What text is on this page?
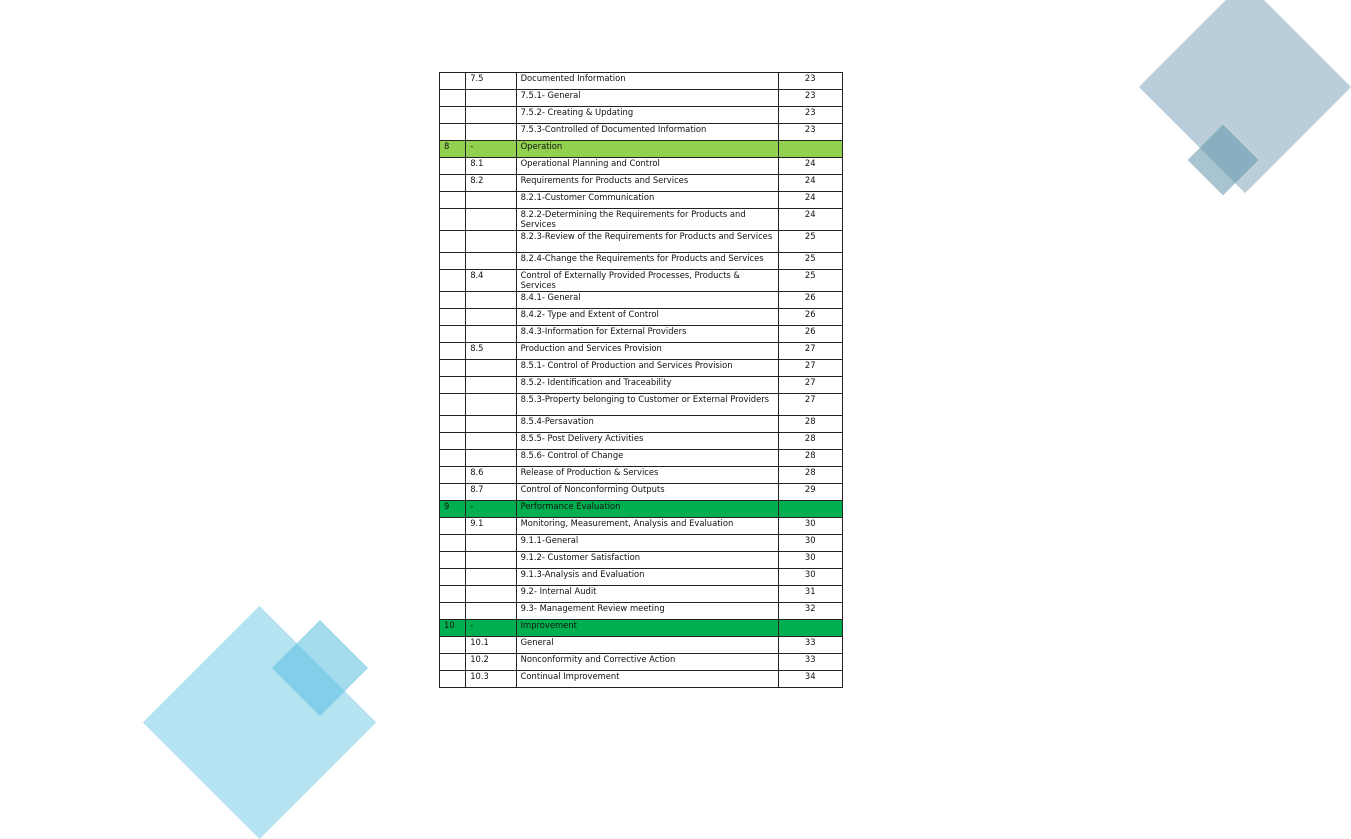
	7.5	Documented Information	23
		7.5.1- General	23
		7.5.2- Creating & Updating	23
		7.5.3-Controlled of Documented Information	23
8	-	Operation	
	8.1	Operational Planning and Control	24
	8.2	Requirements for Products and Services	24
		8.2.1-Customer Communication	24
		8.2.2-Determining the Requirements for Products and Services	24
		8.2.3-Review of the Requirements for Products and Services	25
		8.2.4-Change the Requirements for Products and Services	25
	8.4	Control of Externally Provided Processes, Products & Services	25
		8.4.1- General	26
		8.4.2- Type and Extent of Control	26
		8.4.3-Information for External Providers	26
	8.5	Production and Services Provision	27
		8.5.1- Control of Production and Services Provision	27
		8.5.2- Identification and Traceability	27
		8.5.3-Property belonging to Customer or External Providers	27
		8.5.4-Persavation	28
		8.5.5- Post Delivery Activities	28
		8.5.6- Control of Change	28
	8.6	Release of Production & Services	28
	8.7	Control of Nonconforming Outputs	29
9	-	Performance Evaluation	
	9.1	Monitoring, Measurement, Analysis and Evaluation	30
		9.1.1-General	30
		9.1.2- Customer Satisfaction	30
		9.1.3-Analysis and Evaluation	30
		9.2- Internal Audit	31
		9.3- Management Review meeting	32
10	-	Improvement	
	10.1	General	33
	10.2	Nonconformity and Corrective Action	33
	10.3	Continual Improvement	34
